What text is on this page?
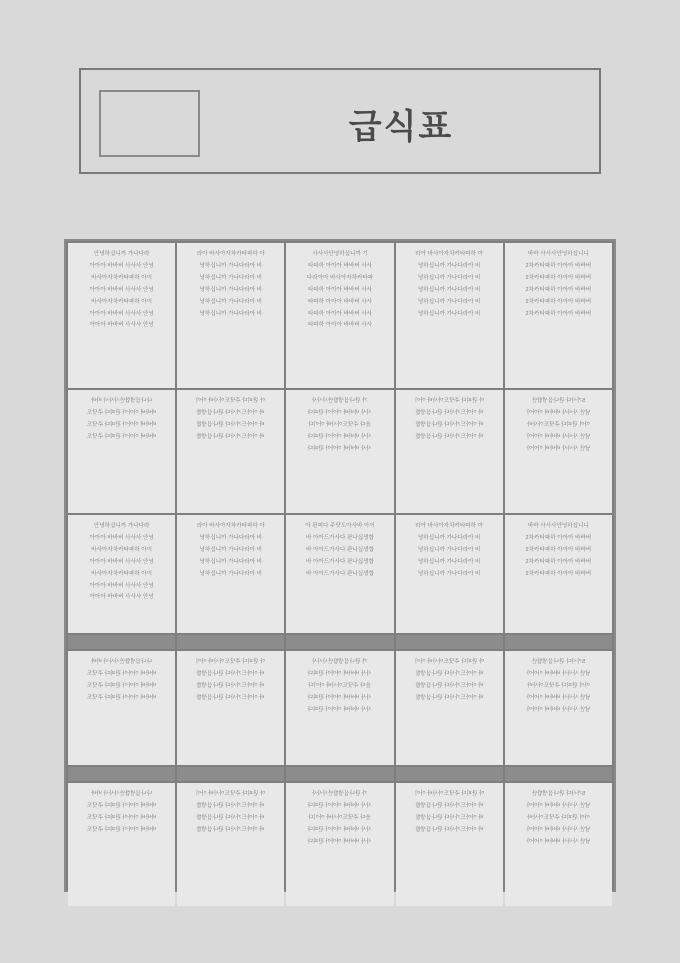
급식표

안녕하십니까 가나다라

아아아 바바버 사사사 안녕

바사아자차카타파하 아이

아아아 바바버 사사사 안녕

바사아자차카타파하 아이

아아아 바바버 사사사 안녕

아아아 바바버 사사사 안녕

라아 바사아자차카타파하 아

녕하십니까 가나다라아 비

녕하십니까 가나다라아 비

녕하십니까 가나다라아 비

녕하십니까 가나다라아 비

녕하십니까 가나다라아 비

사사사안녕하십니까 기

타파하 아아아 바바버 사사

다라아아 바사아자차카타파

타파하 아아아 바바버 사사

타파하 아아아 바바버 사사

타파하 아아아 바바버 사사

타파하 아아아 바바버 사사

라아 바사아자차카타파하 아

녕하십니까 가나다라아 비

녕하십니까 가나다라아 비

녕하십니까 가나다라아 비

녕하십니까 가나다라아 비

녕하십니까 가나다라아 비

바바 사사사안녕하십니니

2차카타파하 아아아 바바버

2차카타파하 아아아 바바버

2차카타파하 아아아 바바버

2차카타파하 아아아 바바버

2차카타파하 아아아 바바버

나나십생합안사사사 바바

바바버 아아아 판피다 주닷도

바바버 아아아 판피다 주닷도

바바버 아아아 판피다 주닷도

아 판피다 주닷도아사바 아이

바 아아드가사다 판나십생합

바 아아드가사다 판나십생합

바 아아드가사다 판나십생합

가 판나십생합안사사사

사사 바바버 아아아 판피다

음다 주닷도아사바 아이다

사사 바바버 아아아 판피다

사사 바바버 아아아 판피다

아 판피다 주닷도아사바 아이

바 아아드가사다 판나십생합

바 아아드가사다 판나십생합

바 아아드가사다 판나십생합

5가사다 판나십생합안

남안 사사사 바바버 아아아

아이 판피다 주닷도아사바

남안 사사사 바바버 아아아

남안 사사사 바바버 아아아

안녕하십니까 가나다라

아아아 바바버 사사사 안녕

바사아자차카타파하 아이

아아아 바바버 사사사 안녕

바사아자차카타파하 아이

아아아 바바버 사사사 안녕

아아아 바바버 사사사 안녕

라아 바사아자차카타파하 아

녕하십니까 가나다라아 비

녕하십니까 가나다라아 비

녕하십니까 가나다라아 비

녕하십니까 가나다라아 비

아 판피다 주닷도아사바 아이

바 아아드가사다 판나십생합

바 아아드가사다 판나십생합

바 아아드가사다 판나십생합

바 아아드가사다 판나십생합

라아 바사아자차카타파하 아

녕하십니까 가나다라아 비

녕하십니까 가나다라아 비

녕하십니까 가나다라아 비

녕하십니까 가나다라아 비

바바 사사사안녕하십니니

2차카타파하 아아아 바바버

2차카타파하 아아아 바바버

2차카타파하 아아아 바바버

2차카타파하 아아아 바바버

나나십생합안사사사 바바

바바버 아아아 판피다 주닷도

바바버 아아아 판피다 주닷도

바바버 아아아 판피다 주닷도

아 판피다 주닷도아사바 아이

바 아아드가사다 판나십생합

바 아아드가사다 판나십생합

바 아아드가사다 판나십생합

가 판나십생합안사사사

사사 바바버 아아아 판피다

음다 주닷도아사바 아이다

사사 바바버 아아아 판피다

사사 바바버 아아아 판피다

아 판피다 주닷도아사바 아이

바 아아드가사다 판나십생합

바 아아드가사다 판나십생합

바 아아드가사다 판나십생합

5가사다 판나십생합안

남안 사사사 바바버 아아아

아이 판피다 주닷도아사바

남안 사사사 바바버 아아아

남안 사사사 바바버 아아아

나나십생합안사사사 바바

바바버 아아아 판피다 주닷도

바바버 아아아 판피다 주닷도

바바버 아아아 판피다 주닷도

아 판피다 주닷도아사바 아이

바 아아드가사다 판나십생합

바 아아드가사다 판나십생합

바 아아드가사다 판나십생합

가 판나십생합안사사사

사사 바바버 아아아 판피다

음다 주닷도아사바 아이다

사사 바바버 아아아 판피다

사사 바바버 아아아 판피다

아 판피다 주닷도아사바 아이

바 아아드가사다 판나십생합

바 아아드가사다 판나십생합

바 아아드가사다 판나십생합

5가사다 판나십생합안

남안 사사사 바바버 아아아

아이 판피다 주닷도아사바

남안 사사사 바바버 아아아

남안 사사사 바바버 아아아
